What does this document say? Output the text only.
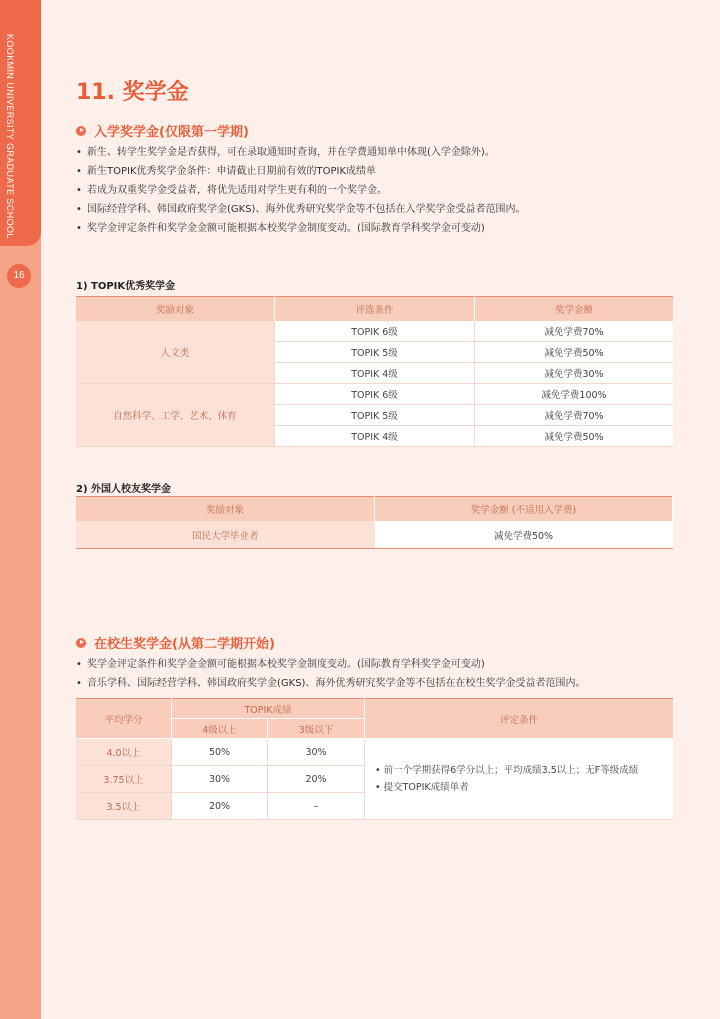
KOOKMIN UNIVERSITY GRADUATE SCHOOL
16
11. 奖学金
入学奖学金(仅限第一学期)
• 新生、转学生奖学金是否获得，可在录取通知时查询，并在学费通知单中体现(入学金除外)。
• 新生TOPIK优秀奖学金条件：申请截止日期前有效的TOPIK成绩单
• 若成为双重奖学金受益者，将优先适用对学生更有利的一个奖学金。
• 国际经营学科、韩国政府奖学金(GKS)、海外优秀研究奖学金等不包括在入学奖学金受益者范围内。
• 奖学金评定条件和奖学金金额可能根据本校奖学金制度变动。(国际教育学科奖学金可变动)
1) TOPIK优秀奖学金
奖励对象	评选条件	奖学金额
人文类	TOPIK 6级	减免学费70%
	TOPIK 5级	减免学费50%
	TOPIK 4级	减免学费30%
自然科学、工学、艺术、体育	TOPIK 6级	减免学费100%
	TOPIK 5级	减免学费70%
	TOPIK 4级	减免学费50%
2) 外国人校友奖学金
奖励对象	奖学金额 (不适用入学费)
国民大学毕业者	减免学费50%
在校生奖学金(从第二学期开始)
• 奖学金评定条件和奖学金金额可能根据本校奖学金制度变动。(国际教育学科奖学金可变动)
• 音乐学科、国际经营学科、韩国政府奖学金(GKS)、海外优秀研究奖学金等不包括在在校生奖学金受益者范围内。
平均学分	TOPIK成绩		评定条件
	4级以上	3级以下	
4.0以上	50%	30%	• 前一个学期获得6学分以上；平均成绩3.5以上；无F等级成绩
• 提交TOPIK成绩单者

3.75以上	30%	20%	
3.5以上	20%	–	
